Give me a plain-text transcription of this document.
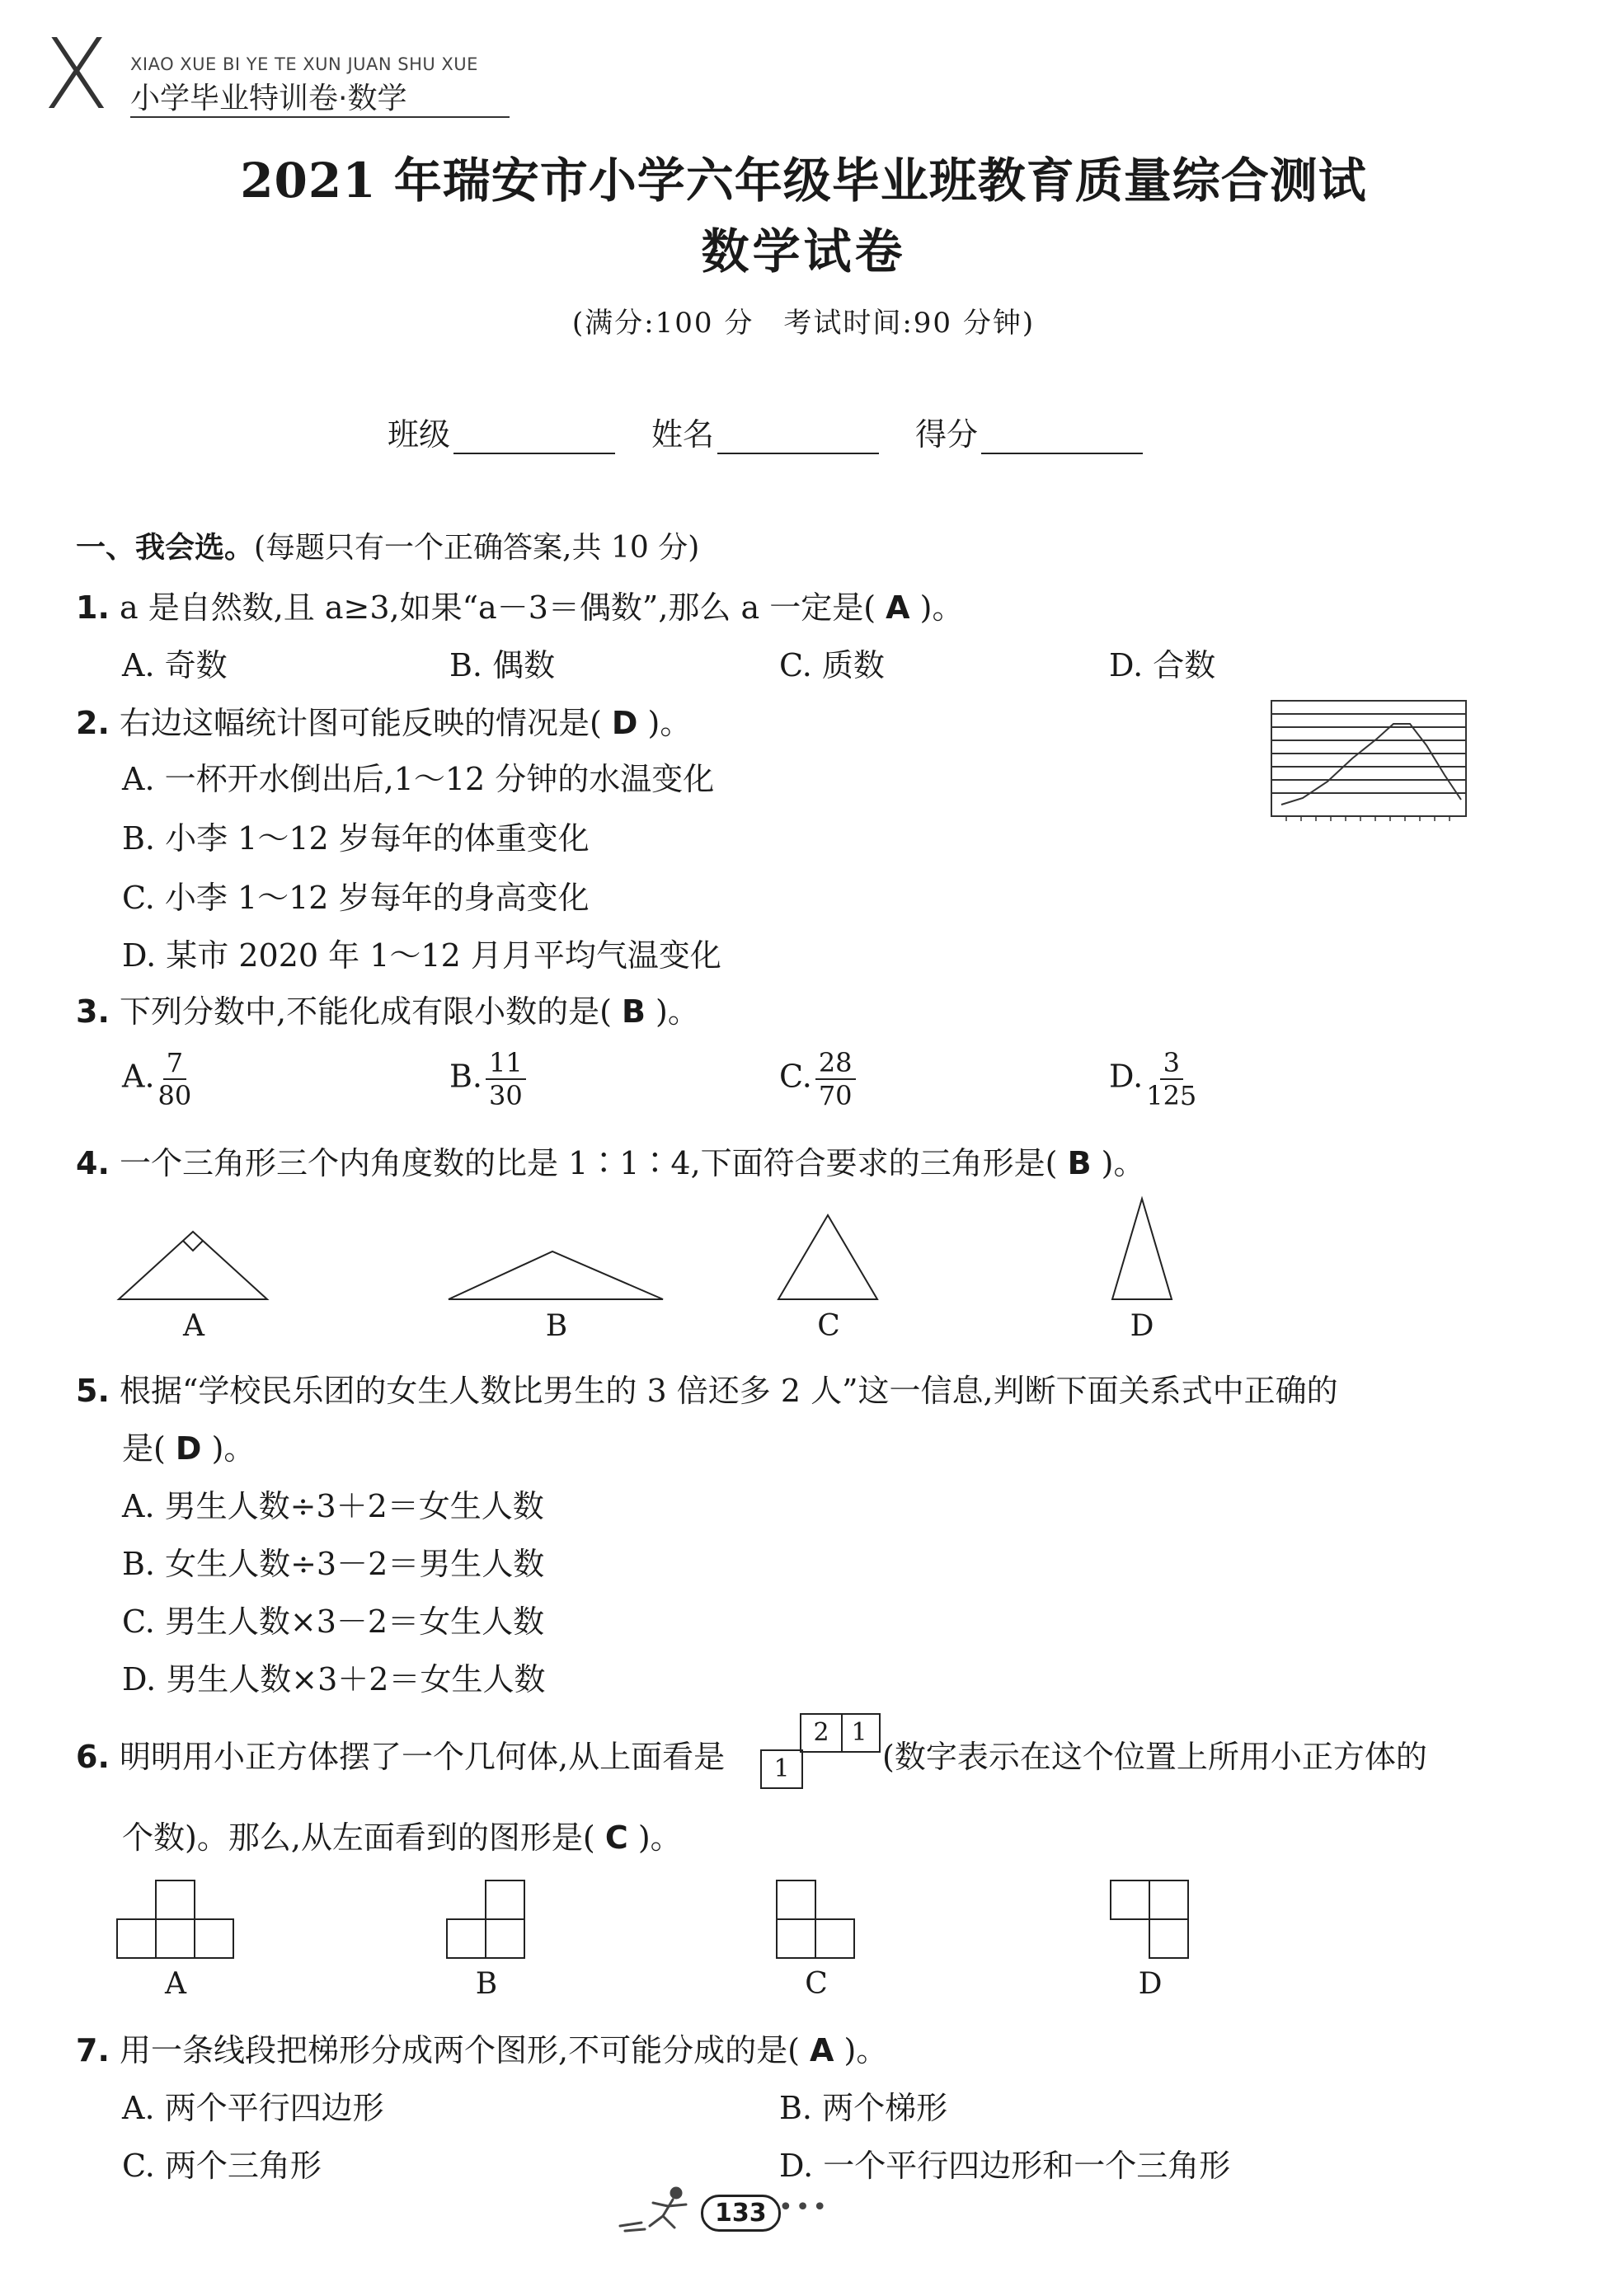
X XIAO XUE BI YE TE XUN JUAN SHU XUE
小学毕业特训卷·数学
2021 年瑞安市小学六年级毕业班教育质量综合测试
数学试卷
(满分:100 分　考试时间:90 分钟)
班级	姓名	得分
一、我会选。(每题只有一个正确答案,共 10 分)
1. a 是自然数,且 a≥3,如果“a－3＝偶数”,那么 a 一定是( A )。
A. 奇数	B. 偶数	C. 质数	D. 合数
2. 右边这幅统计图可能反映的情况是( D )。
A. 一杯开水倒出后,1～12 分钟的水温变化
B. 小李 1～12 岁每年的体重变化
C. 小李 1～12 岁每年的身高变化
D. 某市 2020 年 1～12 月月平均气温变化
3. 下列分数中,不能化成有限小数的是( B )。
A. $\frac{7}{80}$	B. $\frac{11}{30}$	C. $\frac{28}{70}$	D. $\frac{3}{125}$
4. 一个三角形三个内角度数的比是 1∶1∶4,下面符合要求的三角形是( B )。
A	B	C	D
5. 根据“学校民乐团的女生人数比男生的 3 倍还多 2 人”这一信息,判断下面关系式中正确的
是( D )。
A. 男生人数÷3＋2＝女生人数
B. 女生人数÷3－2＝男生人数
C. 男生人数×3－2＝女生人数
D. 男生人数×3＋2＝女生人数
6. 明明用小正方体摆了一个几何体,从上面看是
2 1
1	(数字表示在这个位置上所用小正方体的
个数)。那么,从左面看到的图形是( C )。
A	B	C	D
7. 用一条线段把梯形分成两个图形,不可能分成的是( A )。
A. 两个平行四边形	B. 两个梯形
C. 两个三角形	D. 一个平行四边形和一个三角形
133 •••
